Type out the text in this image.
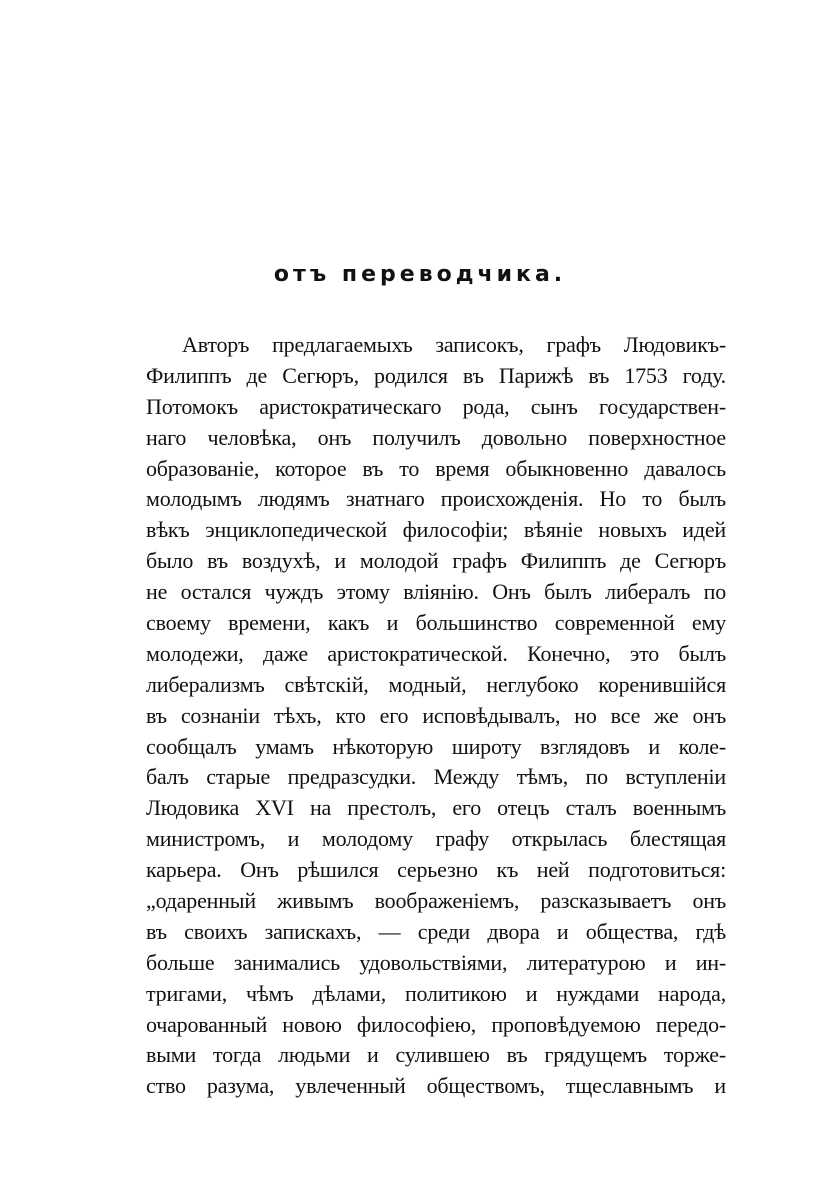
отъ переводчика.
Авторъ предлагаемыхъ записокъ, графъ Людовикъ-
Филиппъ де Сегюръ, родился въ Парижѣ въ 1753 году.
Потомокъ аристократическаго рода, сынъ государствен-
наго человѣка, онъ получилъ довольно поверхностное
образованiе, которое въ то время обыкновенно давалось
молодымъ людямъ знатнаго происхожденiя. Но то былъ
вѣкъ энциклопедической философiи; вѣянiе новыхъ идей
было въ воздухѣ, и молодой графъ Филиппъ де Сегюръ
не остался чуждъ этому влiянiю. Онъ былъ либералъ по
своему времени, какъ и большинство современной ему
молодежи, даже аристократической. Конечно, это былъ
либерализмъ свѣтскiй, модный, неглубоко коренившiйся
въ сознанiи тѣхъ, кто его исповѣдывалъ, но все же онъ
сообщалъ умамъ нѣкоторую широту взглядовъ и коле-
балъ старые предразсудки. Между тѣмъ, по вступленiи
Людовика XVI на престолъ, его отецъ сталъ военнымъ
министромъ, и молодому графу открылась блестящая
карьера. Онъ рѣшился серьезно къ ней подготовиться:
„одаренный живымъ воображенiемъ, разсказываетъ онъ
въ своихъ запискахъ, — среди двора и общества, гдѣ
больше занимались удовольствiями, литературою и ин-
тригами, чѣмъ дѣлами, политикою и нуждами народа,
очарованный новою философiею, проповѣдуемою передо-
выми тогда людьми и сулившею въ грядущемъ торже-
ство разума, увлеченный обществомъ, тщеславнымъ и
